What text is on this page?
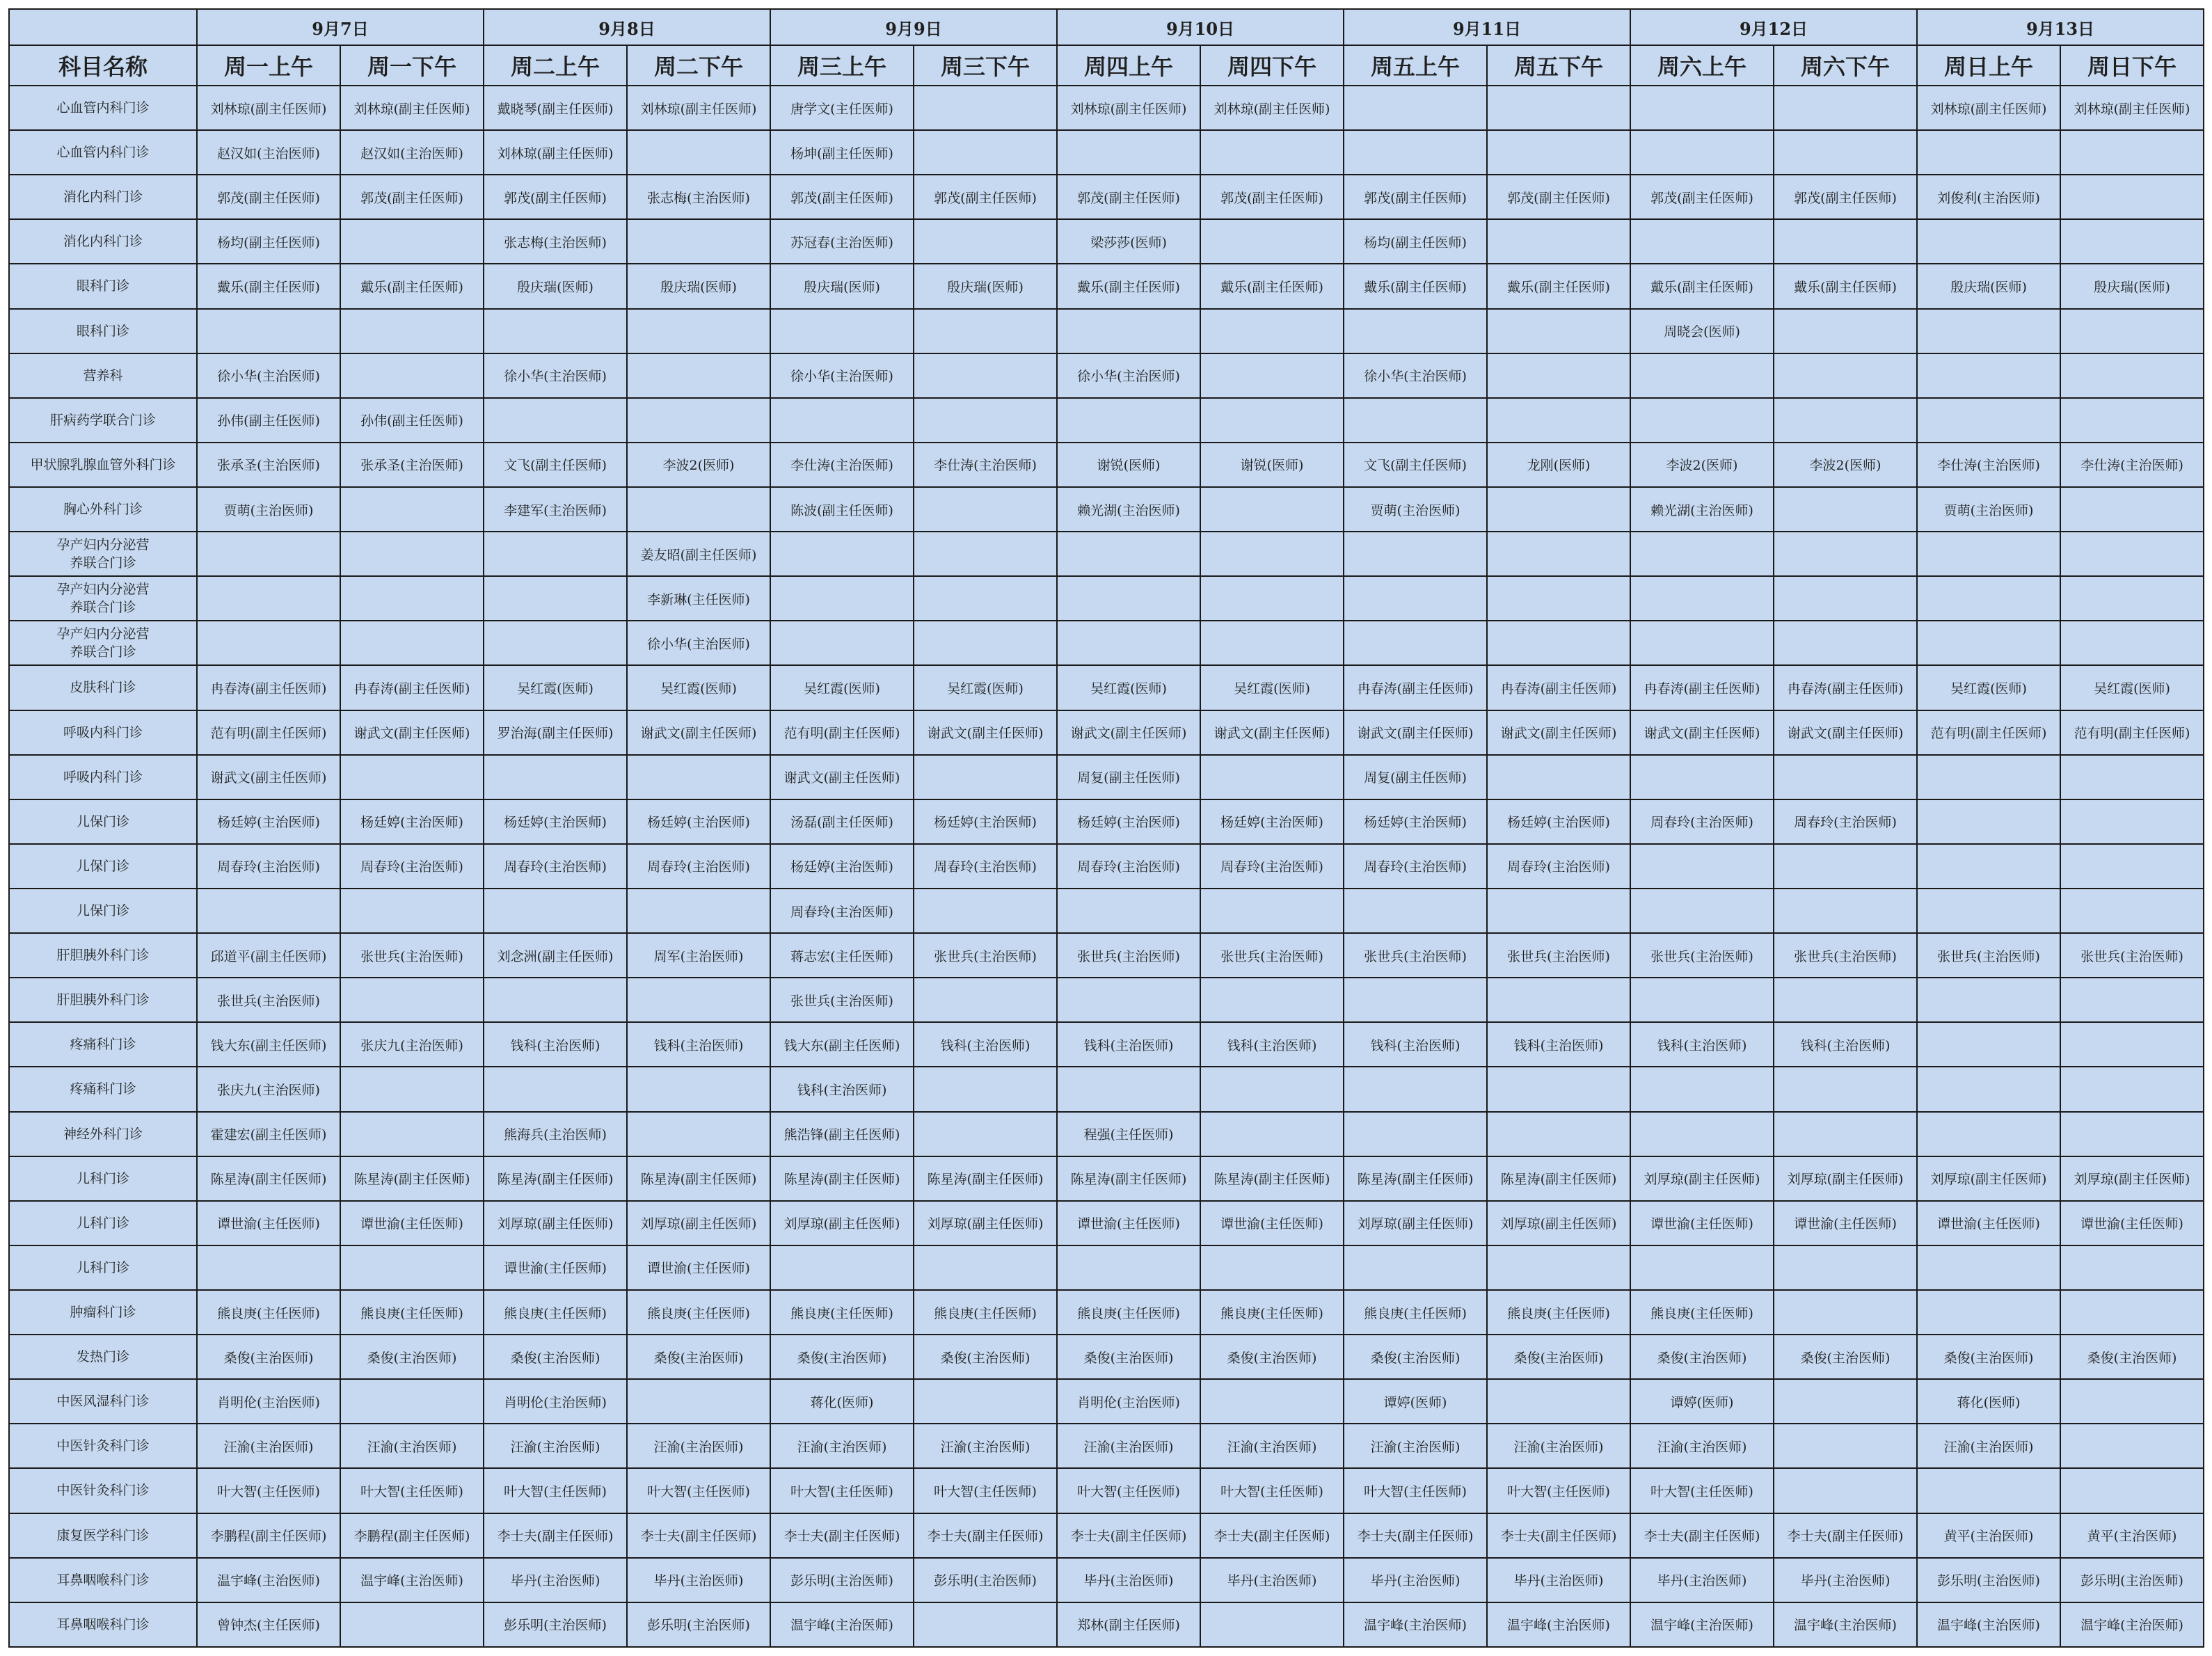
	9月7日		9月8日		9月9日		9月10日		9月11日		9月12日		9月13日	
科目名称	周一上午	周一下午	周二上午	周二下午	周三上午	周三下午	周四上午	周四下午	周五上午	周五下午	周六上午	周六下午	周日上午	周日下午
心血管内科门诊	刘林琼(副主任医师)	刘林琼(副主任医师)	戴晓琴(副主任医师)	刘林琼(副主任医师)	唐学文(主任医师)		刘林琼(副主任医师)	刘林琼(副主任医师)					刘林琼(副主任医师)	刘林琼(副主任医师)
心血管内科门诊	赵汉如(主治医师)	赵汉如(主治医师)	刘林琼(副主任医师)		杨坤(副主任医师)									
消化内科门诊	郭茂(副主任医师)	郭茂(副主任医师)	郭茂(副主任医师)	张志梅(主治医师)	郭茂(副主任医师)	郭茂(副主任医师)	郭茂(副主任医师)	郭茂(副主任医师)	郭茂(副主任医师)	郭茂(副主任医师)	郭茂(副主任医师)	郭茂(副主任医师)	刘俊利(主治医师)	
消化内科门诊	杨均(副主任医师)		张志梅(主治医师)		苏冠春(主治医师)		梁莎莎(医师)		杨均(副主任医师)					
眼科门诊	戴乐(副主任医师)	戴乐(副主任医师)	殷庆瑞(医师)	殷庆瑞(医师)	殷庆瑞(医师)	殷庆瑞(医师)	戴乐(副主任医师)	戴乐(副主任医师)	戴乐(副主任医师)	戴乐(副主任医师)	戴乐(副主任医师)	戴乐(副主任医师)	殷庆瑞(医师)	殷庆瑞(医师)
眼科门诊											周晓会(医师)			
营养科	徐小华(主治医师)		徐小华(主治医师)		徐小华(主治医师)		徐小华(主治医师)		徐小华(主治医师)					
肝病药学联合门诊	孙伟(副主任医师)	孙伟(副主任医师)												
甲状腺乳腺血管外科门诊	张承圣(主治医师)	张承圣(主治医师)	文飞(副主任医师)	李波2(医师)	李仕涛(主治医师)	李仕涛(主治医师)	谢锐(医师)	谢锐(医师)	文飞(副主任医师)	龙刚(医师)	李波2(医师)	李波2(医师)	李仕涛(主治医师)	李仕涛(主治医师)
胸心外科门诊	贾萌(主治医师)		李建军(主治医师)		陈波(副主任医师)		赖光湖(主治医师)		贾萌(主治医师)		赖光湖(主治医师)		贾萌(主治医师)	
孕产妇内分泌营养联合门诊				姜友昭(副主任医师)										
孕产妇内分泌营养联合门诊				李新琳(主任医师)										
孕产妇内分泌营养联合门诊				徐小华(主治医师)										
皮肤科门诊	冉春涛(副主任医师)	冉春涛(副主任医师)	吴红霞(医师)	吴红霞(医师)	吴红霞(医师)	吴红霞(医师)	吴红霞(医师)	吴红霞(医师)	冉春涛(副主任医师)	冉春涛(副主任医师)	冉春涛(副主任医师)	冉春涛(副主任医师)	吴红霞(医师)	吴红霞(医师)
呼吸内科门诊	范有明(副主任医师)	谢武文(副主任医师)	罗治海(副主任医师)	谢武文(副主任医师)	范有明(副主任医师)	谢武文(副主任医师)	谢武文(副主任医师)	谢武文(副主任医师)	谢武文(副主任医师)	谢武文(副主任医师)	谢武文(副主任医师)	谢武文(副主任医师)	范有明(副主任医师)	范有明(副主任医师)
呼吸内科门诊	谢武文(副主任医师)				谢武文(副主任医师)		周复(副主任医师)		周复(副主任医师)					
儿保门诊	杨廷婷(主治医师)	杨廷婷(主治医师)	杨廷婷(主治医师)	杨廷婷(主治医师)	汤磊(副主任医师)	杨廷婷(主治医师)	杨廷婷(主治医师)	杨廷婷(主治医师)	杨廷婷(主治医师)	杨廷婷(主治医师)	周春玲(主治医师)	周春玲(主治医师)		
儿保门诊	周春玲(主治医师)	周春玲(主治医师)	周春玲(主治医师)	周春玲(主治医师)	杨廷婷(主治医师)	周春玲(主治医师)	周春玲(主治医师)	周春玲(主治医师)	周春玲(主治医师)	周春玲(主治医师)				
儿保门诊					周春玲(主治医师)									
肝胆胰外科门诊	邱道平(副主任医师)	张世兵(主治医师)	刘念洲(副主任医师)	周军(主治医师)	蒋志宏(主任医师)	张世兵(主治医师)	张世兵(主治医师)	张世兵(主治医师)	张世兵(主治医师)	张世兵(主治医师)	张世兵(主治医师)	张世兵(主治医师)	张世兵(主治医师)	张世兵(主治医师)
肝胆胰外科门诊	张世兵(主治医师)				张世兵(主治医师)									
疼痛科门诊	钱大东(副主任医师)	张庆九(主治医师)	钱科(主治医师)	钱科(主治医师)	钱大东(副主任医师)	钱科(主治医师)	钱科(主治医师)	钱科(主治医师)	钱科(主治医师)	钱科(主治医师)	钱科(主治医师)	钱科(主治医师)		
疼痛科门诊	张庆九(主治医师)				钱科(主治医师)									
神经外科门诊	霍建宏(副主任医师)		熊海兵(主治医师)		熊浩锋(副主任医师)		程强(主任医师)							
儿科门诊	陈星涛(副主任医师)	陈星涛(副主任医师)	陈星涛(副主任医师)	陈星涛(副主任医师)	陈星涛(副主任医师)	陈星涛(副主任医师)	陈星涛(副主任医师)	陈星涛(副主任医师)	陈星涛(副主任医师)	陈星涛(副主任医师)	刘厚琼(副主任医师)	刘厚琼(副主任医师)	刘厚琼(副主任医师)	刘厚琼(副主任医师)
儿科门诊	谭世渝(主任医师)	谭世渝(主任医师)	刘厚琼(副主任医师)	刘厚琼(副主任医师)	刘厚琼(副主任医师)	刘厚琼(副主任医师)	谭世渝(主任医师)	谭世渝(主任医师)	刘厚琼(副主任医师)	刘厚琼(副主任医师)	谭世渝(主任医师)	谭世渝(主任医师)	谭世渝(主任医师)	谭世渝(主任医师)
儿科门诊			谭世渝(主任医师)	谭世渝(主任医师)										
肿瘤科门诊	熊良庚(主任医师)	熊良庚(主任医师)	熊良庚(主任医师)	熊良庚(主任医师)	熊良庚(主任医师)	熊良庚(主任医师)	熊良庚(主任医师)	熊良庚(主任医师)	熊良庚(主任医师)	熊良庚(主任医师)	熊良庚(主任医师)			
发热门诊	桑俊(主治医师)	桑俊(主治医师)	桑俊(主治医师)	桑俊(主治医师)	桑俊(主治医师)	桑俊(主治医师)	桑俊(主治医师)	桑俊(主治医师)	桑俊(主治医师)	桑俊(主治医师)	桑俊(主治医师)	桑俊(主治医师)	桑俊(主治医师)	桑俊(主治医师)
中医风湿科门诊	肖明伦(主治医师)		肖明伦(主治医师)		蒋化(医师)		肖明伦(主治医师)		谭婷(医师)		谭婷(医师)		蒋化(医师)	
中医针灸科门诊	汪渝(主治医师)	汪渝(主治医师)	汪渝(主治医师)	汪渝(主治医师)	汪渝(主治医师)	汪渝(主治医师)	汪渝(主治医师)	汪渝(主治医师)	汪渝(主治医师)	汪渝(主治医师)	汪渝(主治医师)		汪渝(主治医师)	
中医针灸科门诊	叶大智(主任医师)	叶大智(主任医师)	叶大智(主任医师)	叶大智(主任医师)	叶大智(主任医师)	叶大智(主任医师)	叶大智(主任医师)	叶大智(主任医师)	叶大智(主任医师)	叶大智(主任医师)	叶大智(主任医师)			
康复医学科门诊	李鹏程(副主任医师)	李鹏程(副主任医师)	李士夫(副主任医师)	李士夫(副主任医师)	李士夫(副主任医师)	李士夫(副主任医师)	李士夫(副主任医师)	李士夫(副主任医师)	李士夫(副主任医师)	李士夫(副主任医师)	李士夫(副主任医师)	李士夫(副主任医师)	黄平(主治医师)	黄平(主治医师)
耳鼻咽喉科门诊	温宇峰(主治医师)	温宇峰(主治医师)	毕丹(主治医师)	毕丹(主治医师)	彭乐明(主治医师)	彭乐明(主治医师)	毕丹(主治医师)	毕丹(主治医师)	毕丹(主治医师)	毕丹(主治医师)	毕丹(主治医师)	毕丹(主治医师)	彭乐明(主治医师)	彭乐明(主治医师)
耳鼻咽喉科门诊	曾钟杰(主任医师)		彭乐明(主治医师)	彭乐明(主治医师)	温宇峰(主治医师)		郑林(副主任医师)		温宇峰(主治医师)	温宇峰(主治医师)	温宇峰(主治医师)	温宇峰(主治医师)	温宇峰(主治医师)	温宇峰(主治医师)
